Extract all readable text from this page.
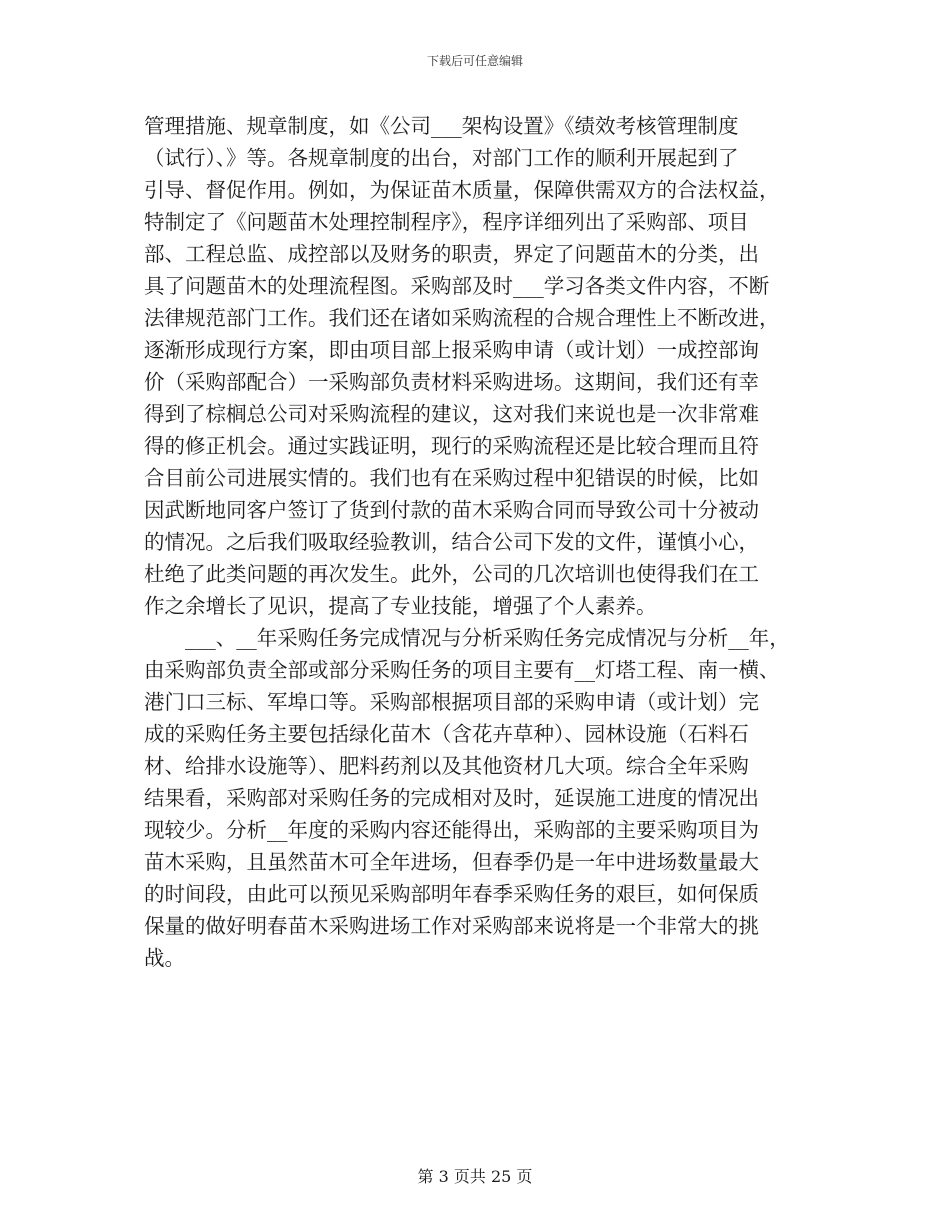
下载后可任意编辑
管理措施、规章制度，如《公司___架构设置》《绩效考核管理制度
（试行）、》等。各规章制度的出台，对部门工作的顺利开展起到了
引导、督促作用。例如，为保证苗木质量，保障供需双方的合法权益，
特制定了《问题苗木处理控制程序》，程序详细列出了采购部、项目
部、工程总监、成控部以及财务的职责，界定了问题苗木的分类，出
具了问题苗木的处理流程图。采购部及时___学习各类文件内容，不断
法律规范部门工作。我们还在诸如采购流程的合规合理性上不断改进，
逐渐形成现行方案，即由项目部上报采购申请（或计划）一成控部询
价（采购部配合）一采购部负责材料采购进场。这期间，我们还有幸
得到了棕榈总公司对采购流程的建议，这对我们来说也是一次非常难
得的修正机会。通过实践证明，现行的采购流程还是比较合理而且符
合目前公司进展实情的。我们也有在采购过程中犯错误的时候，比如
因武断地同客户签订了货到付款的苗木采购合同而导致公司十分被动
的情况。之后我们吸取经验教训，结合公司下发的文件，谨慎小心，
杜绝了此类问题的再次发生。此外，公司的几次培训也使得我们在工
作之余增长了见识，提高了专业技能，增强了个人素养。
　　___、__年采购任务完成情况与分析采购任务完成情况与分析__年，
由采购部负责全部或部分采购任务的项目主要有__灯塔工程、南一横、
港门口三标、军埠口等。采购部根据项目部的采购申请（或计划）完
成的采购任务主要包括绿化苗木（含花卉草种）、园林设施（石料石
材、给排水设施等）、肥料药剂以及其他资材几大项。综合全年采购
结果看，采购部对采购任务的完成相对及时，延误施工进度的情况出
现较少。分析__年度的采购内容还能得出，采购部的主要采购项目为
苗木采购，且虽然苗木可全年进场，但春季仍是一年中进场数量最大
的时间段，由此可以预见采购部明年春季采购任务的艰巨，如何保质
保量的做好明春苗木采购进场工作对采购部来说将是一个非常大的挑
战。
第 3 页共 25 页
